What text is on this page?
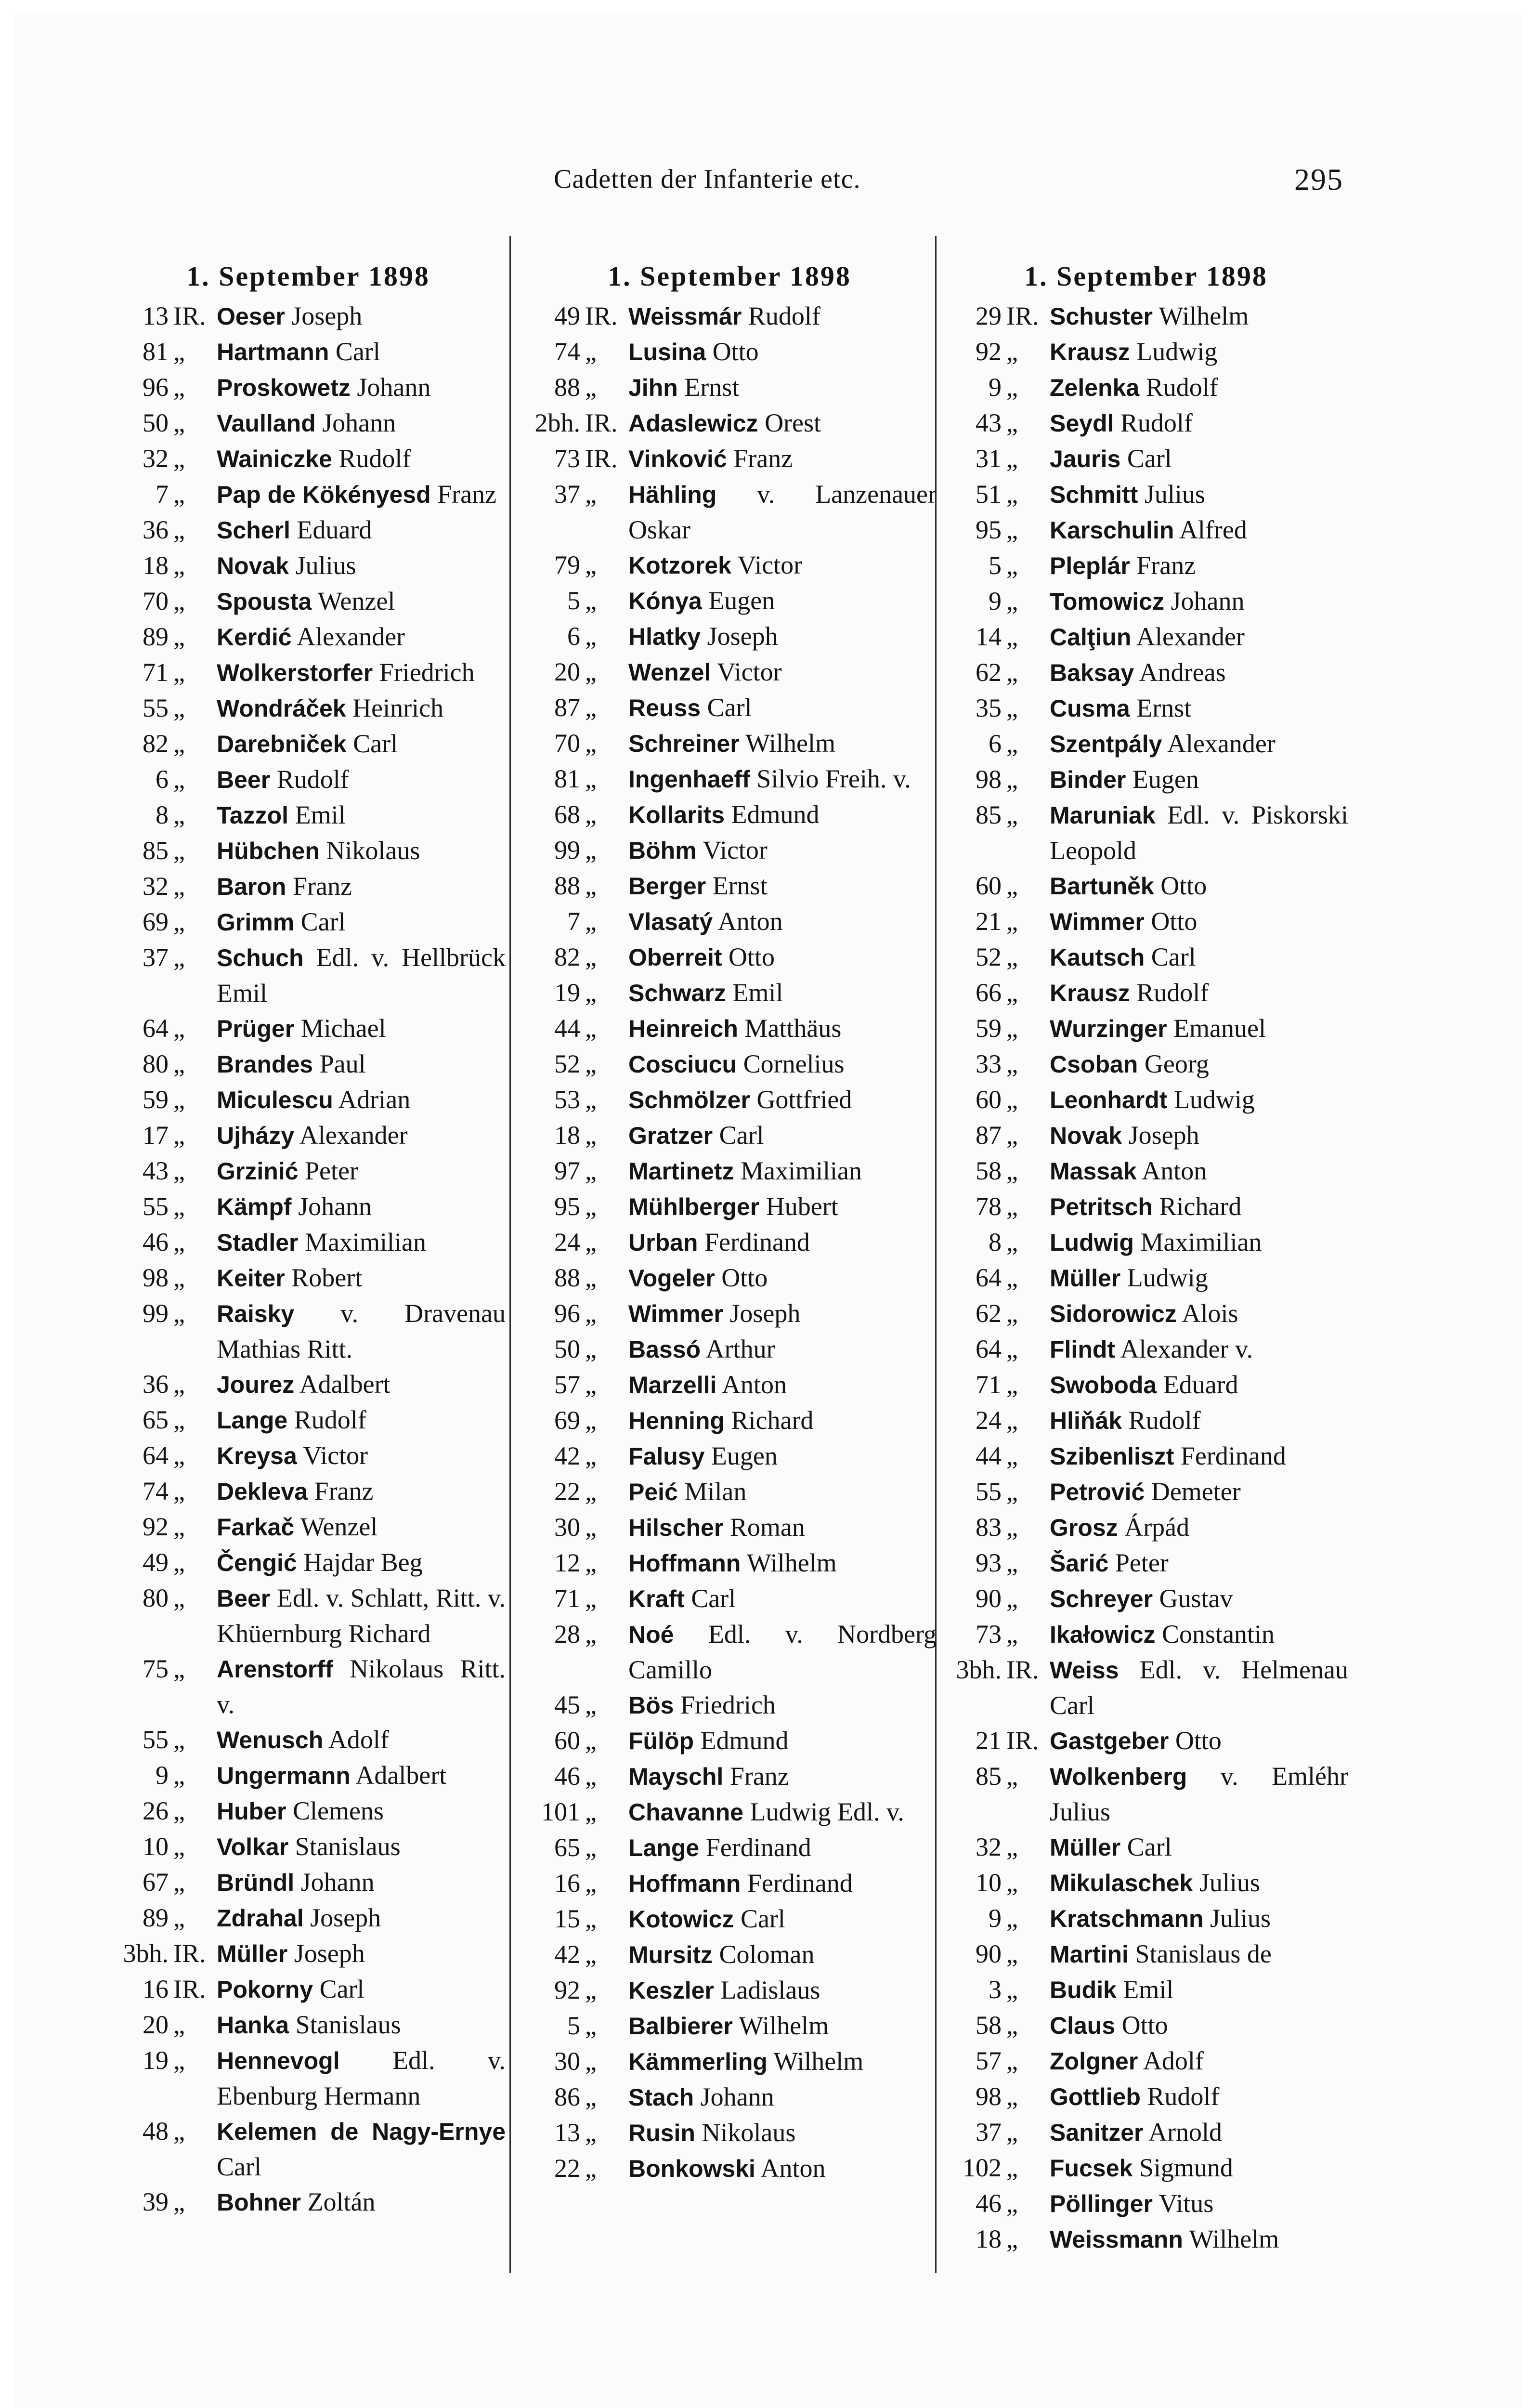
Cadetten der Infanterie etc.	295
1. September 1898
13 IR. Oeser Joseph
81 „	Hartmann Carl
96 „	Proskowetz Johann
50 „	Vaulland Johann
32 „	Wainiczke Rudolf
7 „	Pap de Kökényesd Franz
36 „	Scherl Eduard
18 „	Novak Julius
70 „	Spousta Wenzel
89 „	Kerdić Alexander
71 „	Wolkerstorfer Friedrich
55 „	Wondráček Heinrich
82 „	Darebniček Carl
6 „	Beer Rudolf
8 „	Tazzol Emil
85 „	Hübchen Nikolaus
32 „	Baron Franz
69 „	Grimm Carl
37 „	Schuch Edl. v. Hellbrück Emil
64 „	Prüger Michael
80 „	Brandes Paul
59 „	Miculescu Adrian
17 „	Ujházy Alexander
43 „	Grzinić Peter
55 „	Kämpf Johann
46 „	Stadler Maximilian
98 „	Keiter Robert
99 „	Raisky v. Dravenau Mathias Ritt.
36 „	Jourez Adalbert
65 „	Lange Rudolf
64 „	Kreysa Victor
74 „	Dekleva Franz
92 „	Farkač Wenzel
49 „	Čengić Hajdar Beg
80 „	Beer Edl. v. Schlatt, Ritt. v. Khüernburg Richard
75 „	Arenstorff Nikolaus Ritt. v.
55 „	Wenusch Adolf
9 „	Ungermann Adalbert
26 „	Huber Clemens
10 „	Volkar Stanislaus
67 „	Bründl Johann
89 „	Zdrahal Joseph
3bh. IR. Müller Joseph
16 IR. Pokorny Carl
20 „	Hanka Stanislaus
19 „	Hennevogl Edl. v. Ebenburg Hermann
48 „	Kelemen de Nagy-Ernye Carl
39 „	Bohner Zoltán
1. September 1898
49 IR. Weissmár Rudolf
74 „	Lusina Otto
88 „	Jihn Ernst
2bh. IR. Adaslewicz Orest
73 IR. Vinković Franz
37 „	Hähling v. Lanzenauer Oskar
79 „	Kotzorek Victor
5 „	Kónya Eugen
6 „	Hlatky Joseph
20 „	Wenzel Victor
87 „	Reuss Carl
70 „	Schreiner Wilhelm
81 „	Ingenhaeff Silvio Freih. v.
68 „	Kollarits Edmund
99 „	Böhm Victor
88 „	Berger Ernst
7 „	Vlasatý Anton
82 „	Oberreit Otto
19 „	Schwarz Emil
44 „	Heinreich Matthäus
52 „	Cosciucu Cornelius
53 „	Schmölzer Gottfried
18 „	Gratzer Carl
97 „	Martinetz Maximilian
95 „	Mühlberger Hubert
24 „	Urban Ferdinand
88 „	Vogeler Otto
96 „	Wimmer Joseph
50 „	Bassó Arthur
57 „	Marzelli Anton
69 „	Henning Richard
42 „	Falusy Eugen
22 „	Peić Milan
30 „	Hilscher Roman
12 „	Hoffmann Wilhelm
71 „	Kraft Carl
28 „	Noé Edl. v. Nordberg Camillo
45 „	Bös Friedrich
60 „	Fülöp Edmund
46 „	Mayschl Franz
101 „	Chavanne Ludwig Edl. v.
65 „	Lange Ferdinand
16 „	Hoffmann Ferdinand
15 „	Kotowicz Carl
42 „	Mursitz Coloman
92 „	Keszler Ladislaus
5 „	Balbierer Wilhelm
30 „	Kämmerling Wilhelm
86 „	Stach Johann
13 „	Rusin Nikolaus
22 „	Bonkowski Anton
1. September 1898
29 IR. Schuster Wilhelm
92 „	Krausz Ludwig
9 „	Zelenka Rudolf
43 „	Seydl Rudolf
31 „	Jauris Carl
51 „	Schmitt Julius
95 „	Karschulin Alfred
5 „	Pleplár Franz
9 „	Tomowicz Johann
14 „	Calţiun Alexander
62 „	Baksay Andreas
35 „	Cusma Ernst
6 „	Szentpály Alexander
98 „	Binder Eugen
85 „	Maruniak Edl. v. Piskorski Leopold
60 „	Bartuněk Otto
21 „	Wimmer Otto
52 „	Kautsch Carl
66 „	Krausz Rudolf
59 „	Wurzinger Emanuel
33 „	Csoban Georg
60 „	Leonhardt Ludwig
87 „	Novak Joseph
58 „	Massak Anton
78 „	Petritsch Richard
8 „	Ludwig Maximilian
64 „	Müller Ludwig
62 „	Sidorowicz Alois
64 „	Flindt Alexander v.
71 „	Swoboda Eduard
24 „	Hliňák Rudolf
44 „	Szibenliszt Ferdinand
55 „	Petrović Demeter
83 „	Grosz Árpád
93 „	Šarić Peter
90 „	Schreyer Gustav
73 „	Ikałowicz Constantin
3bh. IR. Weiss Edl. v. Helmenau Carl
21 IR. Gastgeber Otto
85 „	Wolkenberg v. Emléhr Julius
32 „	Müller Carl
10 „	Mikulaschek Julius
9 „	Kratschmann Julius
90 „	Martini Stanislaus de
3 „	Budik Emil
58 „	Claus Otto
57 „	Zolgner Adolf
98 „	Gottlieb Rudolf
37 „	Sanitzer Arnold
102 „	Fucsek Sigmund
46 „	Pöllinger Vitus
18 „	Weissmann Wilhelm
